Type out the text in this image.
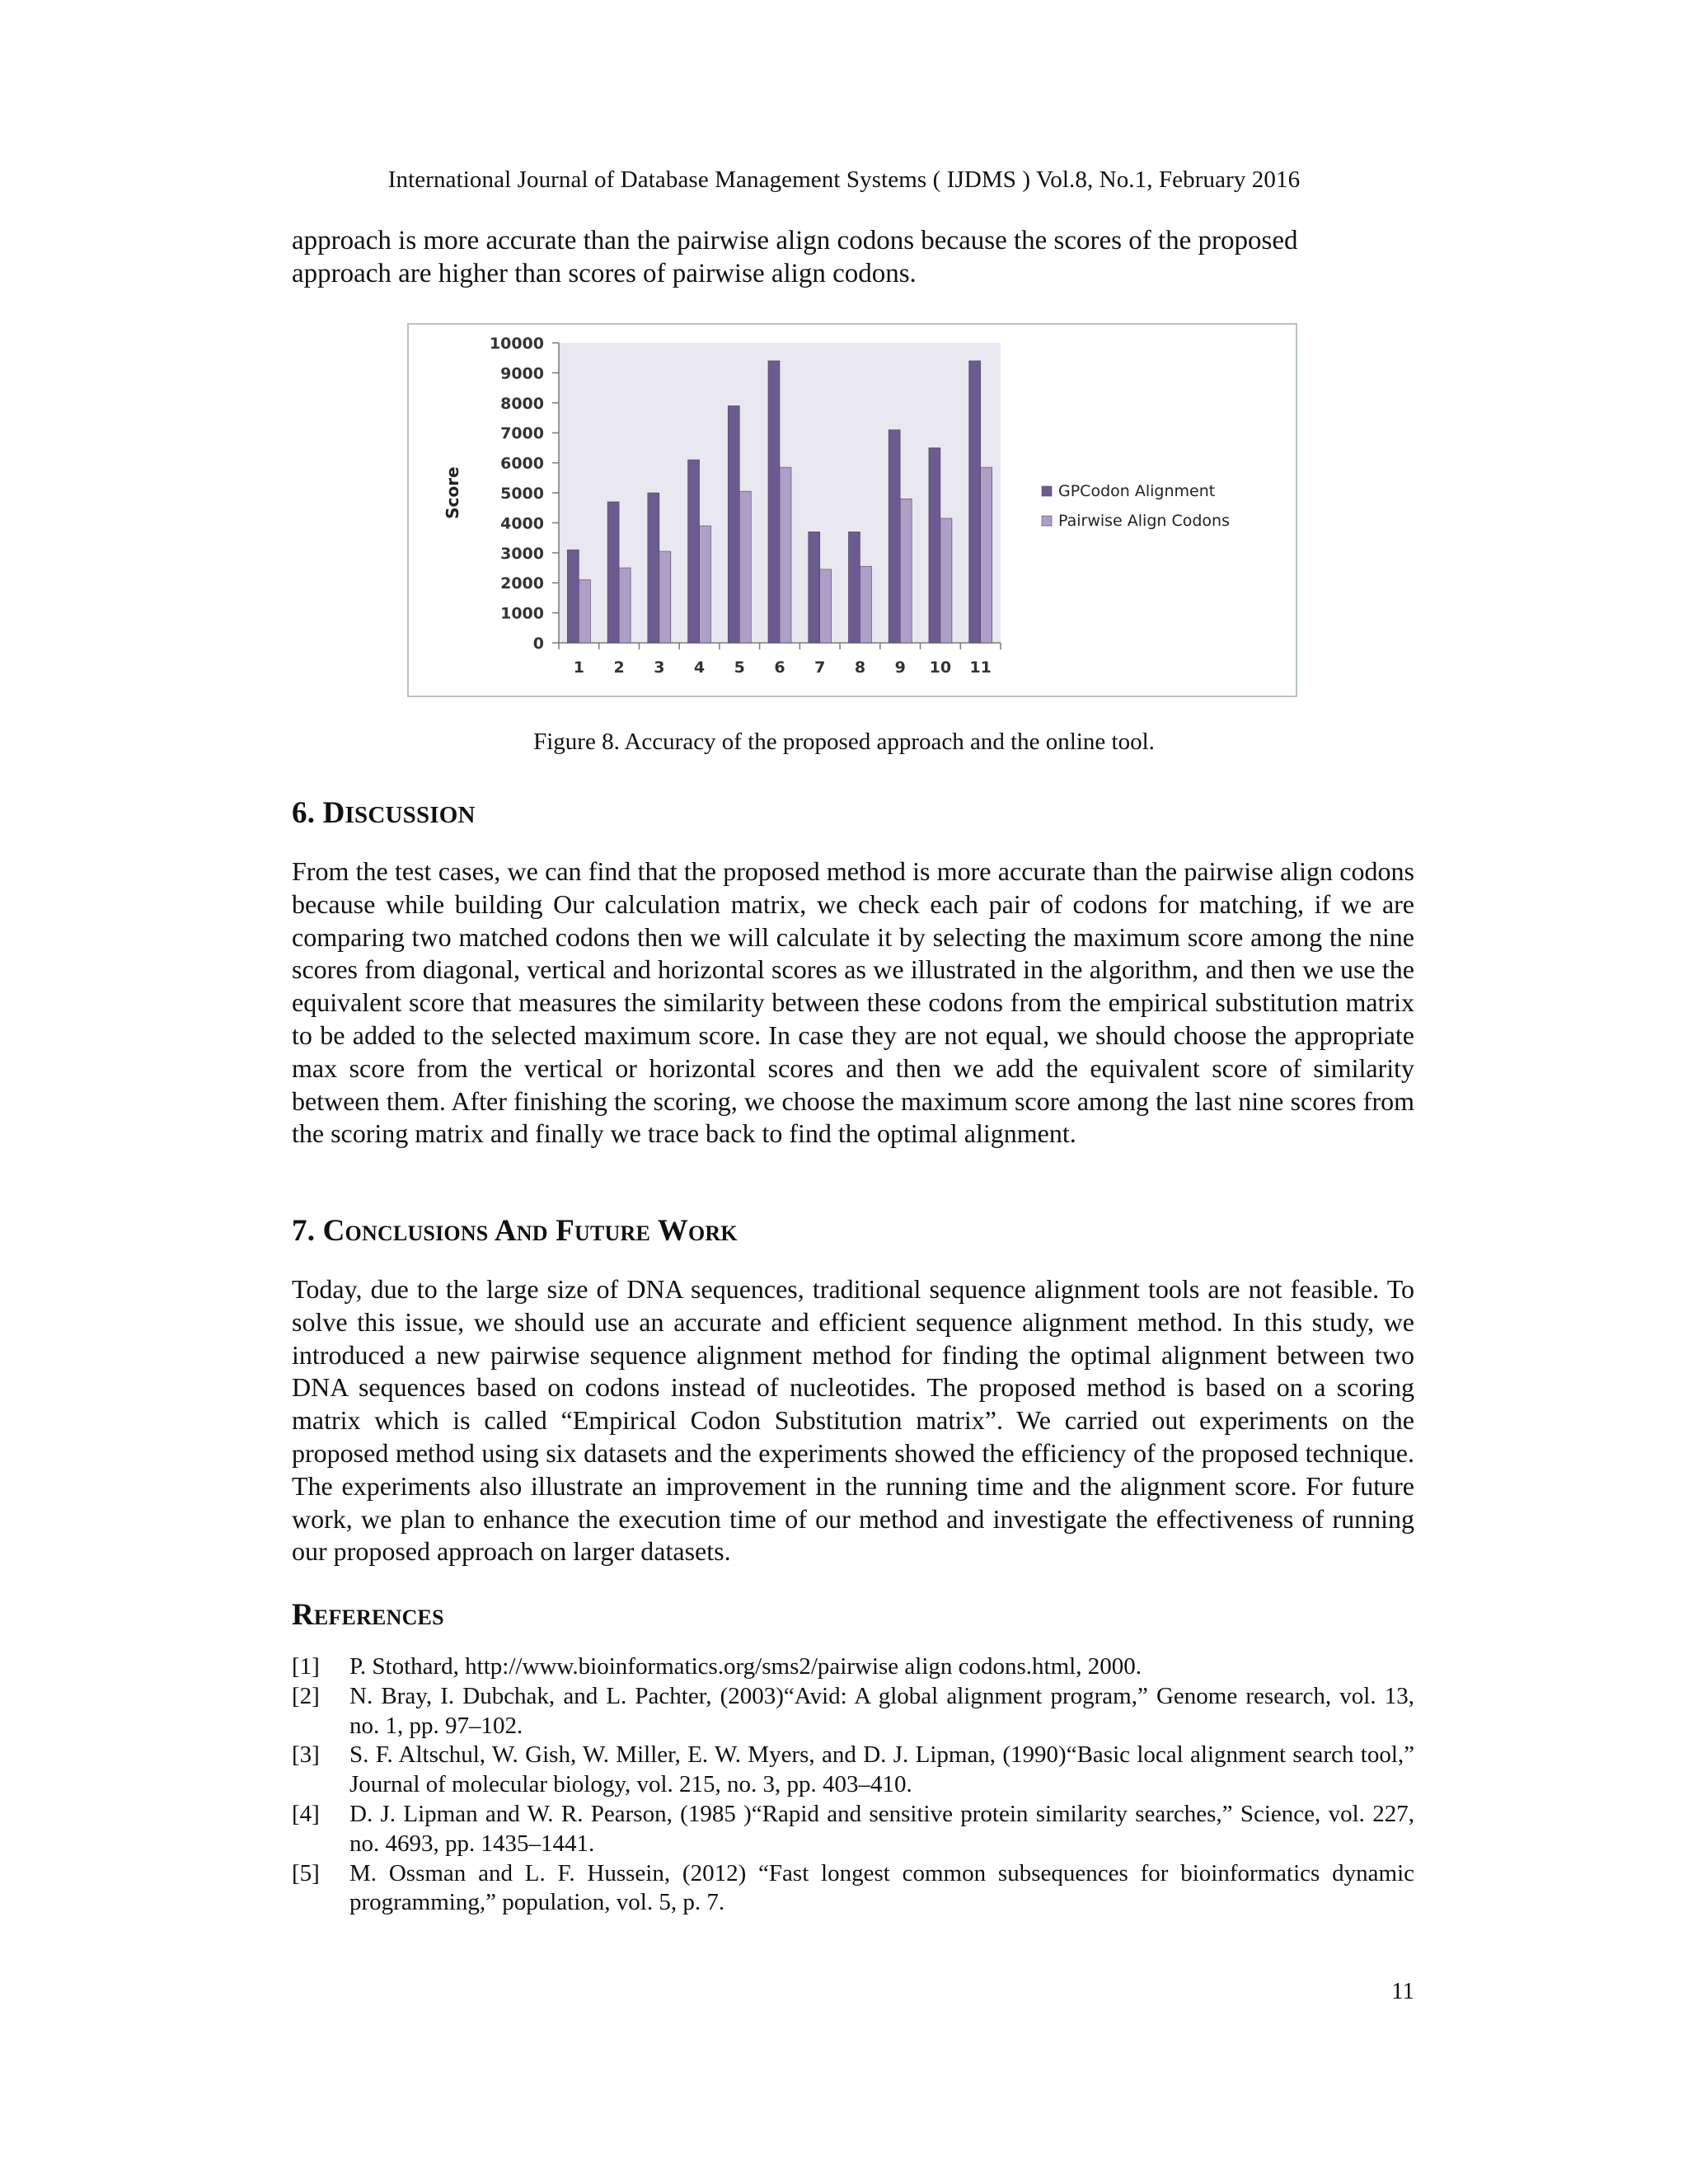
International Journal of Database Management Systems ( IJDMS ) Vol.8, No.1, February 2016

approach is more accurate than the pairwise align codons because the scores of the proposed approach are higher than scores of pairwise align codons.

0
1000
2000
3000
4000
5000
6000
7000
8000
9000
10000
Score
1 2 3 4 5 6 7 8 9 10 11
GPCodon Alignment
Pairwise Align Codons
Figure 8. Accuracy of the proposed approach and the online tool.
6. DISCUSSION

From the test cases, we can find that the proposed method is more accurate than the pairwise align codons because while building Our calculation matrix, we check each pair of codons for matching, if we are comparing two matched codons then we will calculate it by selecting the maximum score among the nine scores from diagonal, vertical and horizontal scores as we illustrated in the algorithm, and then we use the equivalent score that measures the similarity between these codons from the empirical substitution matrix to be added to the selected maximum score. In case they are not equal, we should choose the appropriate max score from the vertical or horizontal scores and then we add the equivalent score of similarity between them. After finishing the scoring, we choose the maximum score among the last nine scores from the scoring matrix and finally we trace back to find the optimal alignment.

7. Conclusions And Future Work

Today, due to the large size of DNA sequences, traditional sequence alignment tools are not feasible. To solve this issue, we should use an accurate and efficient sequence alignment method. In this study, we introduced a new pairwise sequence alignment method for finding the optimal alignment between two DNA sequences based on codons instead of nucleotides. The proposed method is based on a scoring matrix which is called “Empirical Codon Substitution matrix”. We carried out experiments on the proposed method using six datasets and the experiments showed the efficiency of the proposed technique. The experiments also illustrate an improvement in the running time and the alignment score. For future work, we plan to enhance the execution time of our method and investigate the effectiveness of running our proposed approach on larger datasets.

References
[1]	P. Stothard, http://www.bioinformatics.org/sms2/pairwise align codons.html, 2000.
[2]	N. Bray, I. Dubchak, and L. Pachter, (2003)“Avid: A global alignment program,” Genome research, vol. 13, no. 1, pp. 97–102.
[3]	S. F. Altschul, W. Gish, W. Miller, E. W. Myers, and D. J. Lipman, (1990)“Basic local alignment search tool,” Journal of molecular biology, vol. 215, no. 3, pp. 403–410.
[4]	D. J. Lipman and W. R. Pearson, (1985 )“Rapid and sensitive protein similarity searches,” Science, vol. 227, no. 4693, pp. 1435–1441.
[5]	M. Ossman and L. F. Hussein, (2012) “Fast longest common subsequences for bioinformatics dynamic programming,” population, vol. 5, p. 7.
11
